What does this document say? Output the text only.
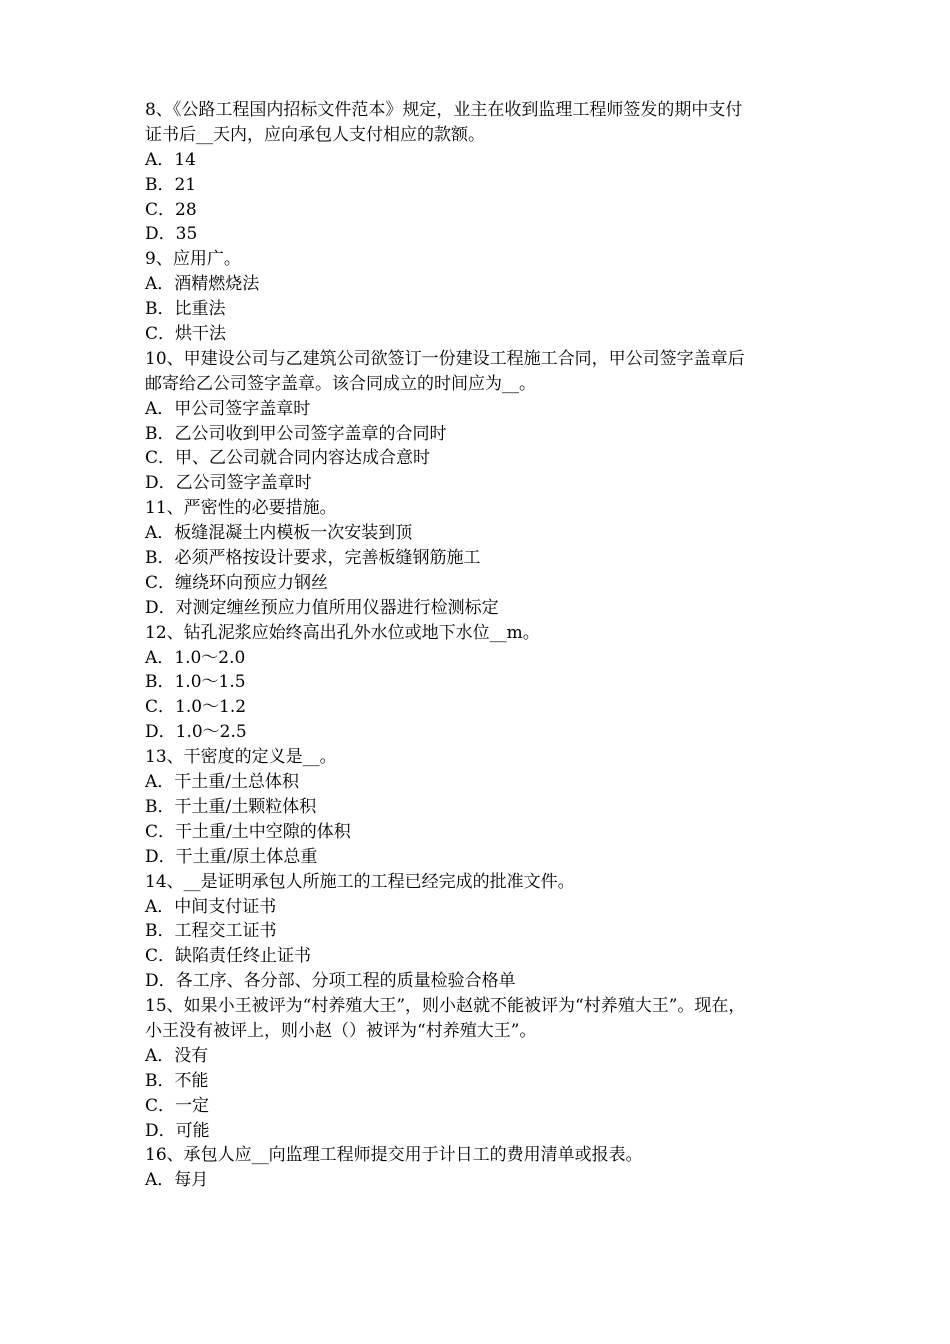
8、《公路工程国内招标文件范本》规定，业主在收到监理工程师签发的期中支付
证书后__天内，应向承包人支付相应的款额。
A．14
B．21
C．28
D．35
9、应用广。
A．酒精燃烧法
B．比重法
C．烘干法
10、甲建设公司与乙建筑公司欲签订一份建设工程施工合同，甲公司签字盖章后
邮寄给乙公司签字盖章。该合同成立的时间应为__。
A．甲公司签字盖章时
B．乙公司收到甲公司签字盖章的合同时
C．甲、乙公司就合同内容达成合意时
D．乙公司签字盖章时
11、严密性的必要措施。
A．板缝混凝土内模板一次安装到顶
B．必须严格按设计要求，完善板缝钢筋施工
C．缠绕环向预应力钢丝
D．对测定缠丝预应力值所用仪器进行检测标定
12、钻孔泥浆应始终高出孔外水位或地下水位__m。
A．1.0～2.0
B．1.0～1.5
C．1.0～1.2
D．1.0～2.5
13、干密度的定义是__。
A．干土重/土总体积
B．干土重/土颗粒体积
C．干土重/土中空隙的体积
D．干土重/原土体总重
14、__是证明承包人所施工的工程已经完成的批准文件。
A．中间支付证书
B．工程交工证书
C．缺陷责任终止证书
D．各工序、各分部、分项工程的质量检验合格单
15、如果小王被评为“村养殖大王”，则小赵就不能被评为“村养殖大王”。现在，
小王没有被评上，则小赵（）被评为“村养殖大王”。
A．没有
B．不能
C．一定
D．可能
16、承包人应__向监理工程师提交用于计日工的费用清单或报表。
A．每月
